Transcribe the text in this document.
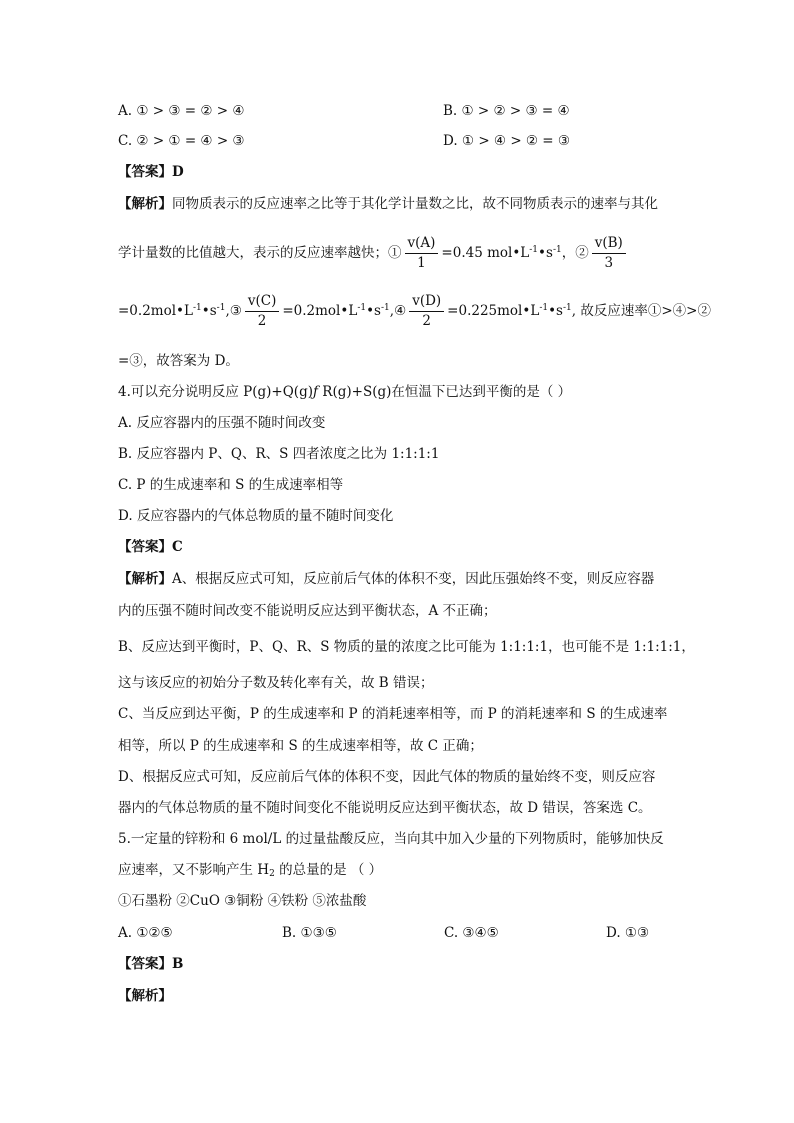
A. ① > ③ = ② > ④	B. ① > ② > ③ = ④
C. ② > ① = ④ > ③	D. ① > ④ > ② = ③
【答案】D
【解析】同物质表示的反应速率之比等于其化学计量数之比，故不同物质表示的速率与其化
学计量数的比值越大，表示的反应速率越快；① $\frac{v(A)}{1} =0.45$ $mol•L^{-1}•s^{-1}$，② $\frac{v(B)}{3}$
$=0.2mol•L^{-1}•s^{-1},③ \frac{v(C)}{2}$ $=0.2mol•L^{-1}•s^{-1},④ \frac{v(D)}{2}$ $=0.225mol•L^{-1}•s^{-1}$, 故反应速率①>④>②
=③，故答案为 D。
4.可以充分说明反应 P(g)+Q(g)ƒ R(g)+S(g)在恒温下已达到平衡的是（ ）
A. 反应容器内的压强不随时间改变
B. 反应容器内 P、Q、R、S 四者浓度之比为 1:1:1:1
C. P 的生成速率和 S 的生成速率相等
D. 反应容器内的气体总物质的量不随时间变化
【答案】C
【解析】A、根据反应式可知，反应前后气体的体积不变，因此压强始终不变，则反应容器
内的压强不随时间改变不能说明反应达到平衡状态，A 不正确；
B、反应达到平衡时，P、Q、R、S 物质的量的浓度之比可能为 1:1:1:1，也可能不是 1:1:1:1，
这与该反应的初始分子数及转化率有关，故 B 错误；
C、当反应到达平衡，P 的生成速率和 P 的消耗速率相等，而 P 的消耗速率和 S 的生成速率
相等，所以 P 的生成速率和 S 的生成速率相等，故 C 正确；
D、根据反应式可知，反应前后气体的体积不变，因此气体的物质的量始终不变，则反应容
器内的气体总物质的量不随时间变化不能说明反应达到平衡状态，故 D 错误，答案选 C。
5.一定量的锌粉和 6 mol/L 的过量盐酸反应，当向其中加入少量的下列物质时，能够加快反
应速率，又不影响产生 $H_2$ 的总量的是 （ ）
①石墨粉 ②CuO ③铜粉 ④铁粉 ⑤浓盐酸
A. ①②⑤	B. ①③⑤	C. ③④⑤	D. ①③
【答案】B
【解析】
